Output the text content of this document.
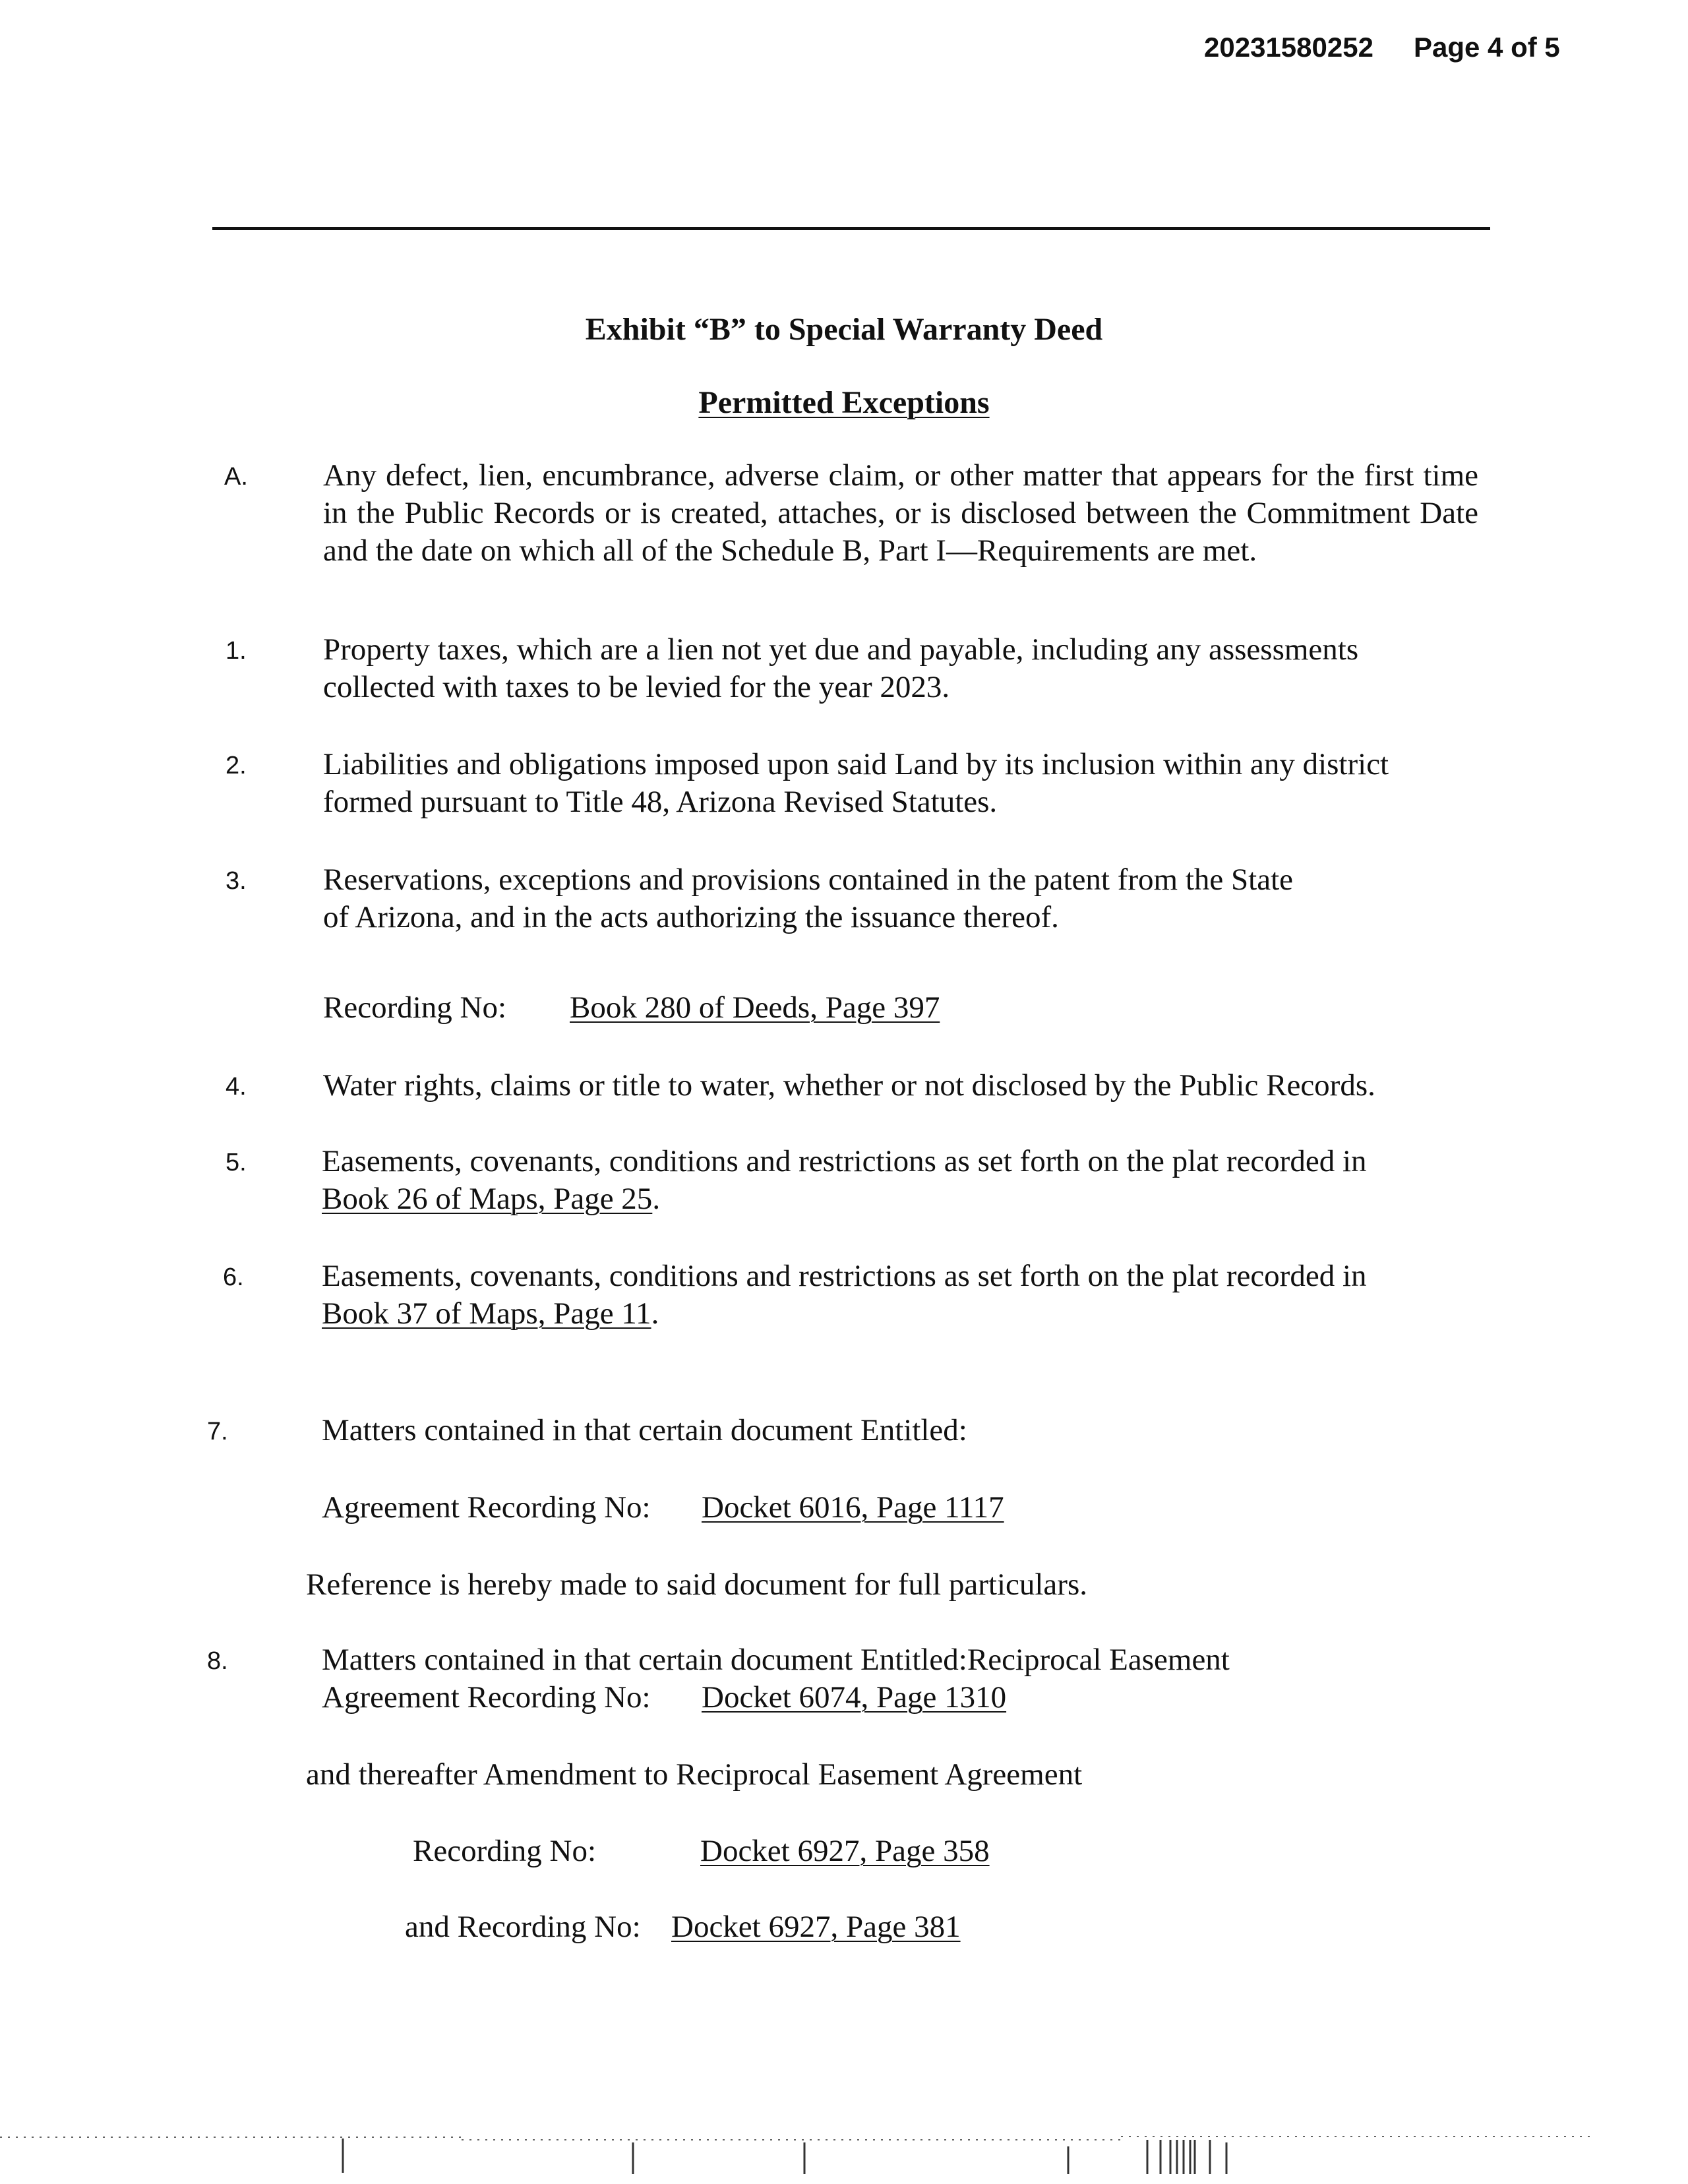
20231580252 Page 4 of 5
Exhibit “B” to Special Warranty Deed
Permitted Exceptions
A. Any defect, lien, encumbrance, adverse claim, or other matter that appears for the first time in the Public Records or is created, attaches, or is disclosed between the Commitment Date and the date on which all of the Schedule B, Part I—Requirements are met.
1. Property taxes, which are a lien not yet due and payable, including any assessments
collected with taxes to be levied for the year 2023.
2. Liabilities and obligations imposed upon said Land by its inclusion within any district
formed pursuant to Title 48, Arizona Revised Statutes.
3. Reservations, exceptions and provisions contained in the patent from the State
of Arizona, and in the acts authorizing the issuance thereof.
Recording No: Book 280 of Deeds, Page 397
4. Water rights, claims or title to water, whether or not disclosed by the Public Records.
5. Easements, covenants, conditions and restrictions as set forth on the plat recorded in
Book 26 of Maps, Page 25.
6.	Easements, covenants, conditions and restrictions as set forth on the plat recorded in
Book 37 of Maps, Page 11.
7.	Matters contained in that certain document Entitled:
Agreement Recording No: Docket 6016, Page 1117
Reference is hereby made to said document for full particulars.
8.	Matters contained in that certain document Entitled:Reciprocal Easement
Agreement Recording No: Docket 6074, Page 1310
and thereafter Amendment to Reciprocal Easement Agreement
Recording No:	Docket 6927, Page 358
and Recording No: Docket 6927, Page 381
